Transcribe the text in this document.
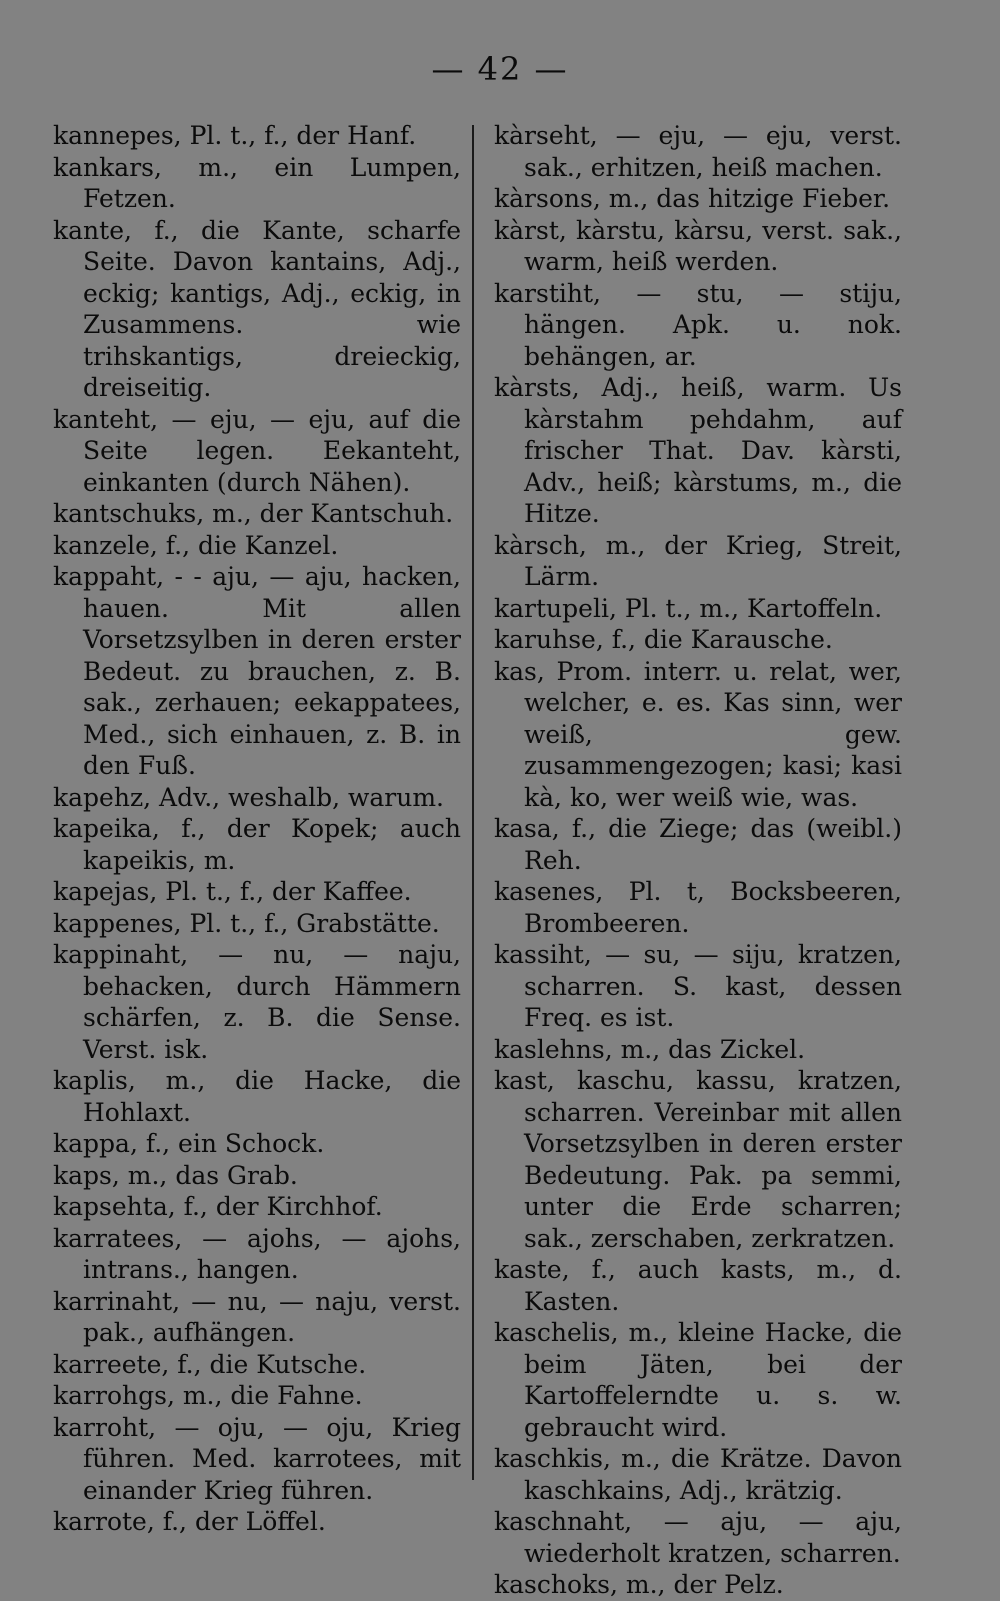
— 42 —

kannepes, Pl. t., f., der Hanf.

kankars, m., ein Lumpen, Fetzen.

kante, f., die Kante, scharfe Seite. Davon kantains, Adj., eckig; kantigs, Adj., eckig, in Zusammens. wie trihskantigs, dreieckig, dreiseitig.

kanteht, — eju, — eju, auf die Seite legen. Eekanteht, einkanten (durch Nähen).

kantschuks, m., der Kantschuh.

kanzele, f., die Kanzel.

kappaht, - - aju, — aju, hacken, hauen. Mit allen Vorsetzsylben in deren erster Bedeut. zu brauchen, z. B. sak., zerhauen; eekappatees, Med., sich einhauen, z. B. in den Fuß.

kapehz, Adv., weshalb, warum.

kapeika, f., der Kopek; auch kapeikis, m.

kapejas, Pl. t., f., der Kaffee.

kappenes, Pl. t., f., Grabstätte.

kappinaht, — nu, — naju, behacken, durch Hämmern schärfen, z. B. die Sense. Verst. isk.

kaplis, m., die Hacke, die Hohlaxt.

kappa, f., ein Schock.

kaps, m., das Grab.

kapsehta, f., der Kirchhof.

karratees, — ajohs, — ajohs, intrans., hangen.

karrinaht, — nu, — naju, verst. pak., aufhängen.

karreete, f., die Kutsche.

karrohgs, m., die Fahne.

karroht, — oju, — oju, Krieg führen. Med. karrotees, mit einander Krieg führen.

karrote, f., der Löffel.

kàrseht, — eju, — eju, verst. sak., erhitzen, heiß machen.

kàrsons, m., das hitzige Fieber.

kàrst, kàrstu, kàrsu, verst. sak., warm, heiß werden.

karstiht, — stu, — stiju, hängen. Apk. u. nok. behängen, ar.

kàrsts, Adj., heiß, warm. Us kàrstahm pehdahm, auf frischer That. Dav. kàrsti, Adv., heiß; kàrstums, m., die Hitze.

kàrsch, m., der Krieg, Streit, Lärm.

kartupeli, Pl. t., m., Kartoffeln.

karuhse, f., die Karausche.

kas, Prom. interr. u. relat, wer, welcher, e. es. Kas sinn, wer weiß, gew. zusammengezogen; kasi; kasi kà, ko, wer weiß wie, was.

kasa, f., die Ziege; das (weibl.) Reh.

kasenes, Pl. t, Bocksbeeren, Brombeeren.

kassiht, — su, — siju, kratzen, scharren. S. kast, dessen Freq. es ist.

kaslehns, m., das Zickel.

kast, kaschu, kassu, kratzen, scharren. Vereinbar mit allen Vorsetzsylben in deren erster Bedeutung. Pak. pa semmi, unter die Erde scharren; sak., zerschaben, zerkratzen.

kaste, f., auch kasts, m., d. Kasten.

kaschelis, m., kleine Hacke, die beim Jäten, bei der Kartoffelerndte u. s. w. gebraucht wird.

kaschkis, m., die Krätze. Davon kaschkains, Adj., krätzig.

kaschnaht, — aju, — aju, wiederholt kratzen, scharren.

kaschoks, m., der Pelz.
